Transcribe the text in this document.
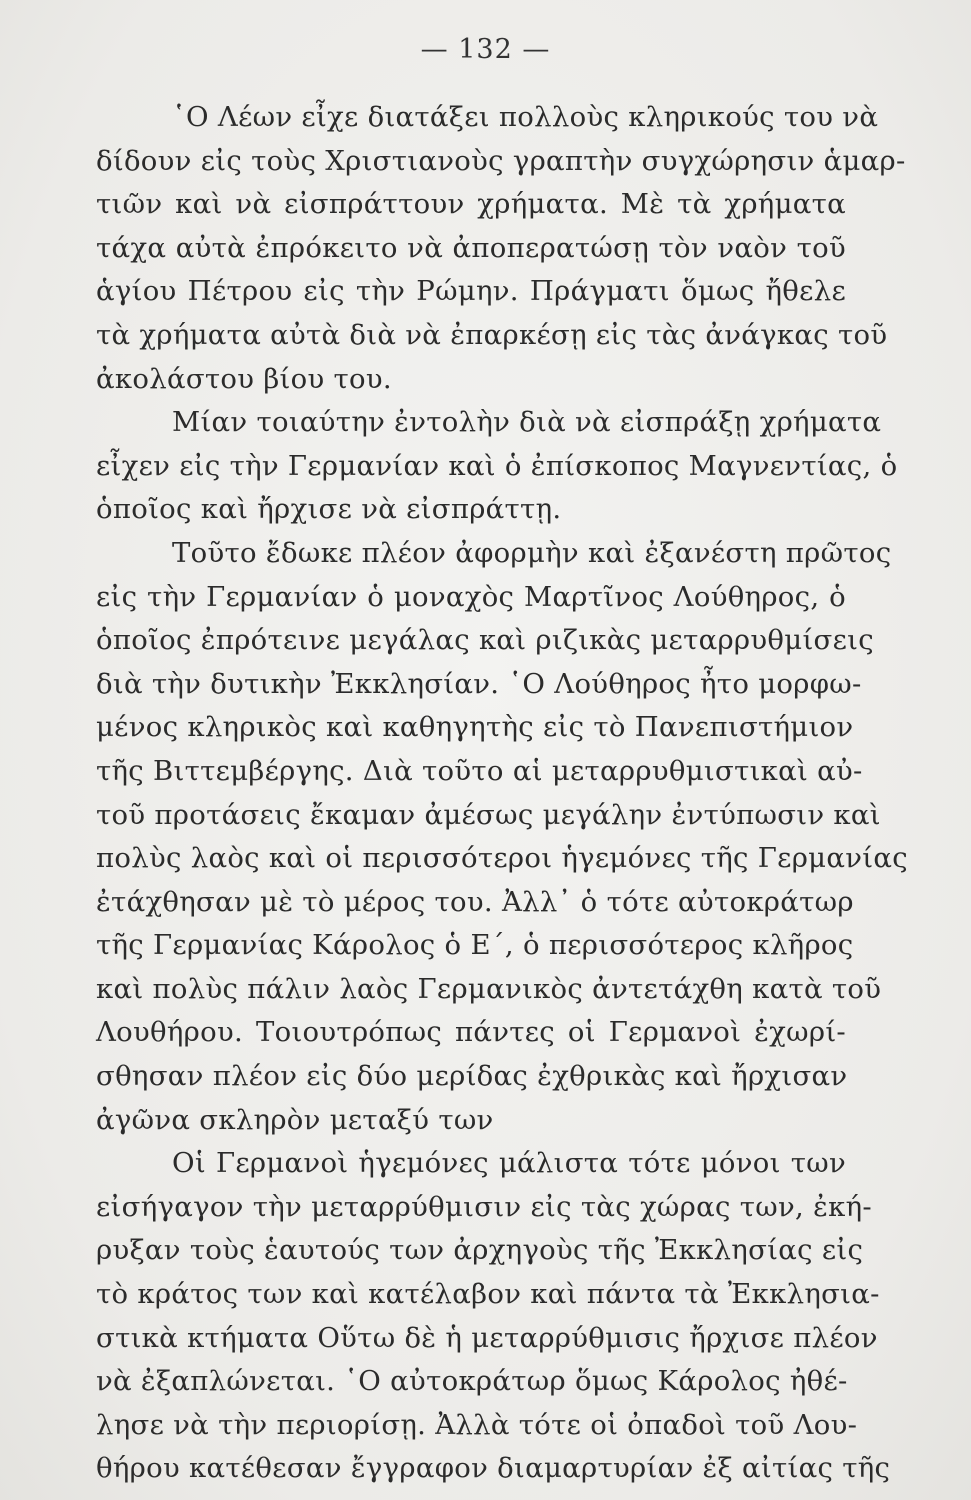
— 132 —
῾Ο Λέων εἶχε διατάξει πολλοὺς κληρικούς του νὰ
δίδουν εἰς τοὺς Χριστιανοὺς γραπτὴν συγχώρησιν ἁμαρ-
τιῶν καὶ νὰ εἰσπράττουν χρήματα. Μὲ τὰ χρήματα
τάχα αὐτὰ ἐπρόκειτο νὰ ἀποπερατώσῃ τὸν ναὸν τοῦ
ἁγίου Πέτρου εἰς τὴν Ρώμην. Πράγματι ὅμως ἤθελε
τὰ χρήματα αὐτὰ διὰ νὰ ἐπαρκέσῃ εἰς τὰς ἀνάγκας τοῦ
ἀκολάστου βίου του.
Μίαν τοιαύτην ἐντολὴν διὰ νὰ εἰσπράξῃ χρήματα
εἶχεν εἰς τὴν Γερμανίαν καὶ ὁ ἐπίσκοπος Μαγνεντίας, ὁ
ὁποῖος καὶ ἤρχισε νὰ εἰσπράττῃ.
Τοῦτο ἔδωκε πλέον ἀφορμὴν καὶ ἐξανέστη πρῶτος
εἰς τὴν Γερμανίαν ὁ μοναχὸς Μαρτῖνος Λούθηρος, ὁ
ὁποῖος ἐπρότεινε μεγάλας καὶ ριζικὰς μεταρρυθμίσεις
διὰ τὴν δυτικὴν Ἐκκλησίαν. ῾Ο Λούθηρος ἦτο μορφω-
μένος κληρικὸς καὶ καθηγητὴς εἰς τὸ Πανεπιστήμιον
τῆς Βιττεμβέργης. Διὰ τοῦτο αἱ μεταρρυθμιστικαὶ αὐ-
τοῦ προτάσεις ἔκαμαν ἀμέσως μεγάλην ἐντύπωσιν καὶ
πολὺς λαὸς καὶ οἱ περισσότεροι ἡγεμόνες τῆς Γερμανίας
ἐτάχθησαν μὲ τὸ μέρος του. Ἀλλ᾽ ὁ τότε αὐτοκράτωρ
τῆς Γερμανίας Κάρολος ὁ Ε΄, ὁ περισσότερος κλῆρος
καὶ πολὺς πάλιν λαὸς Γερμανικὸς ἀντετάχθη κατὰ τοῦ
Λουθήρου. Τοιουτρόπως πάντες οἱ Γερμανοὶ ἐχωρί-
σθησαν πλέον εἰς δύο μερίδας ἐχθρικὰς καὶ ἤρχισαν
ἀγῶνα σκληρὸν μεταξύ των
Οἱ Γερμανοὶ ἡγεμόνες μάλιστα τότε μόνοι των
εἰσήγαγον τὴν μεταρρύθμισιν εἰς τὰς χώρας των, ἐκή-
ρυξαν τοὺς ἑαυτούς των ἀρχηγοὺς τῆς Ἐκκλησίας εἰς
τὸ κράτος των καὶ κατέλαβον καὶ πάντα τὰ Ἐκκλησια-
στικὰ κτήματα Οὕτω δὲ ἡ μεταρρύθμισις ἤρχισε πλέον
νὰ ἐξαπλώνεται. ῾Ο αὐτοκράτωρ ὅμως Κάρολος ἠθέ-
λησε νὰ τὴν περιορίσῃ. Ἀλλὰ τότε οἱ ὀπαδοὶ τοῦ Λου-
θήρου κατέθεσαν ἔγγραφον διαμαρτυρίαν ἐξ αἰτίας τῆς
